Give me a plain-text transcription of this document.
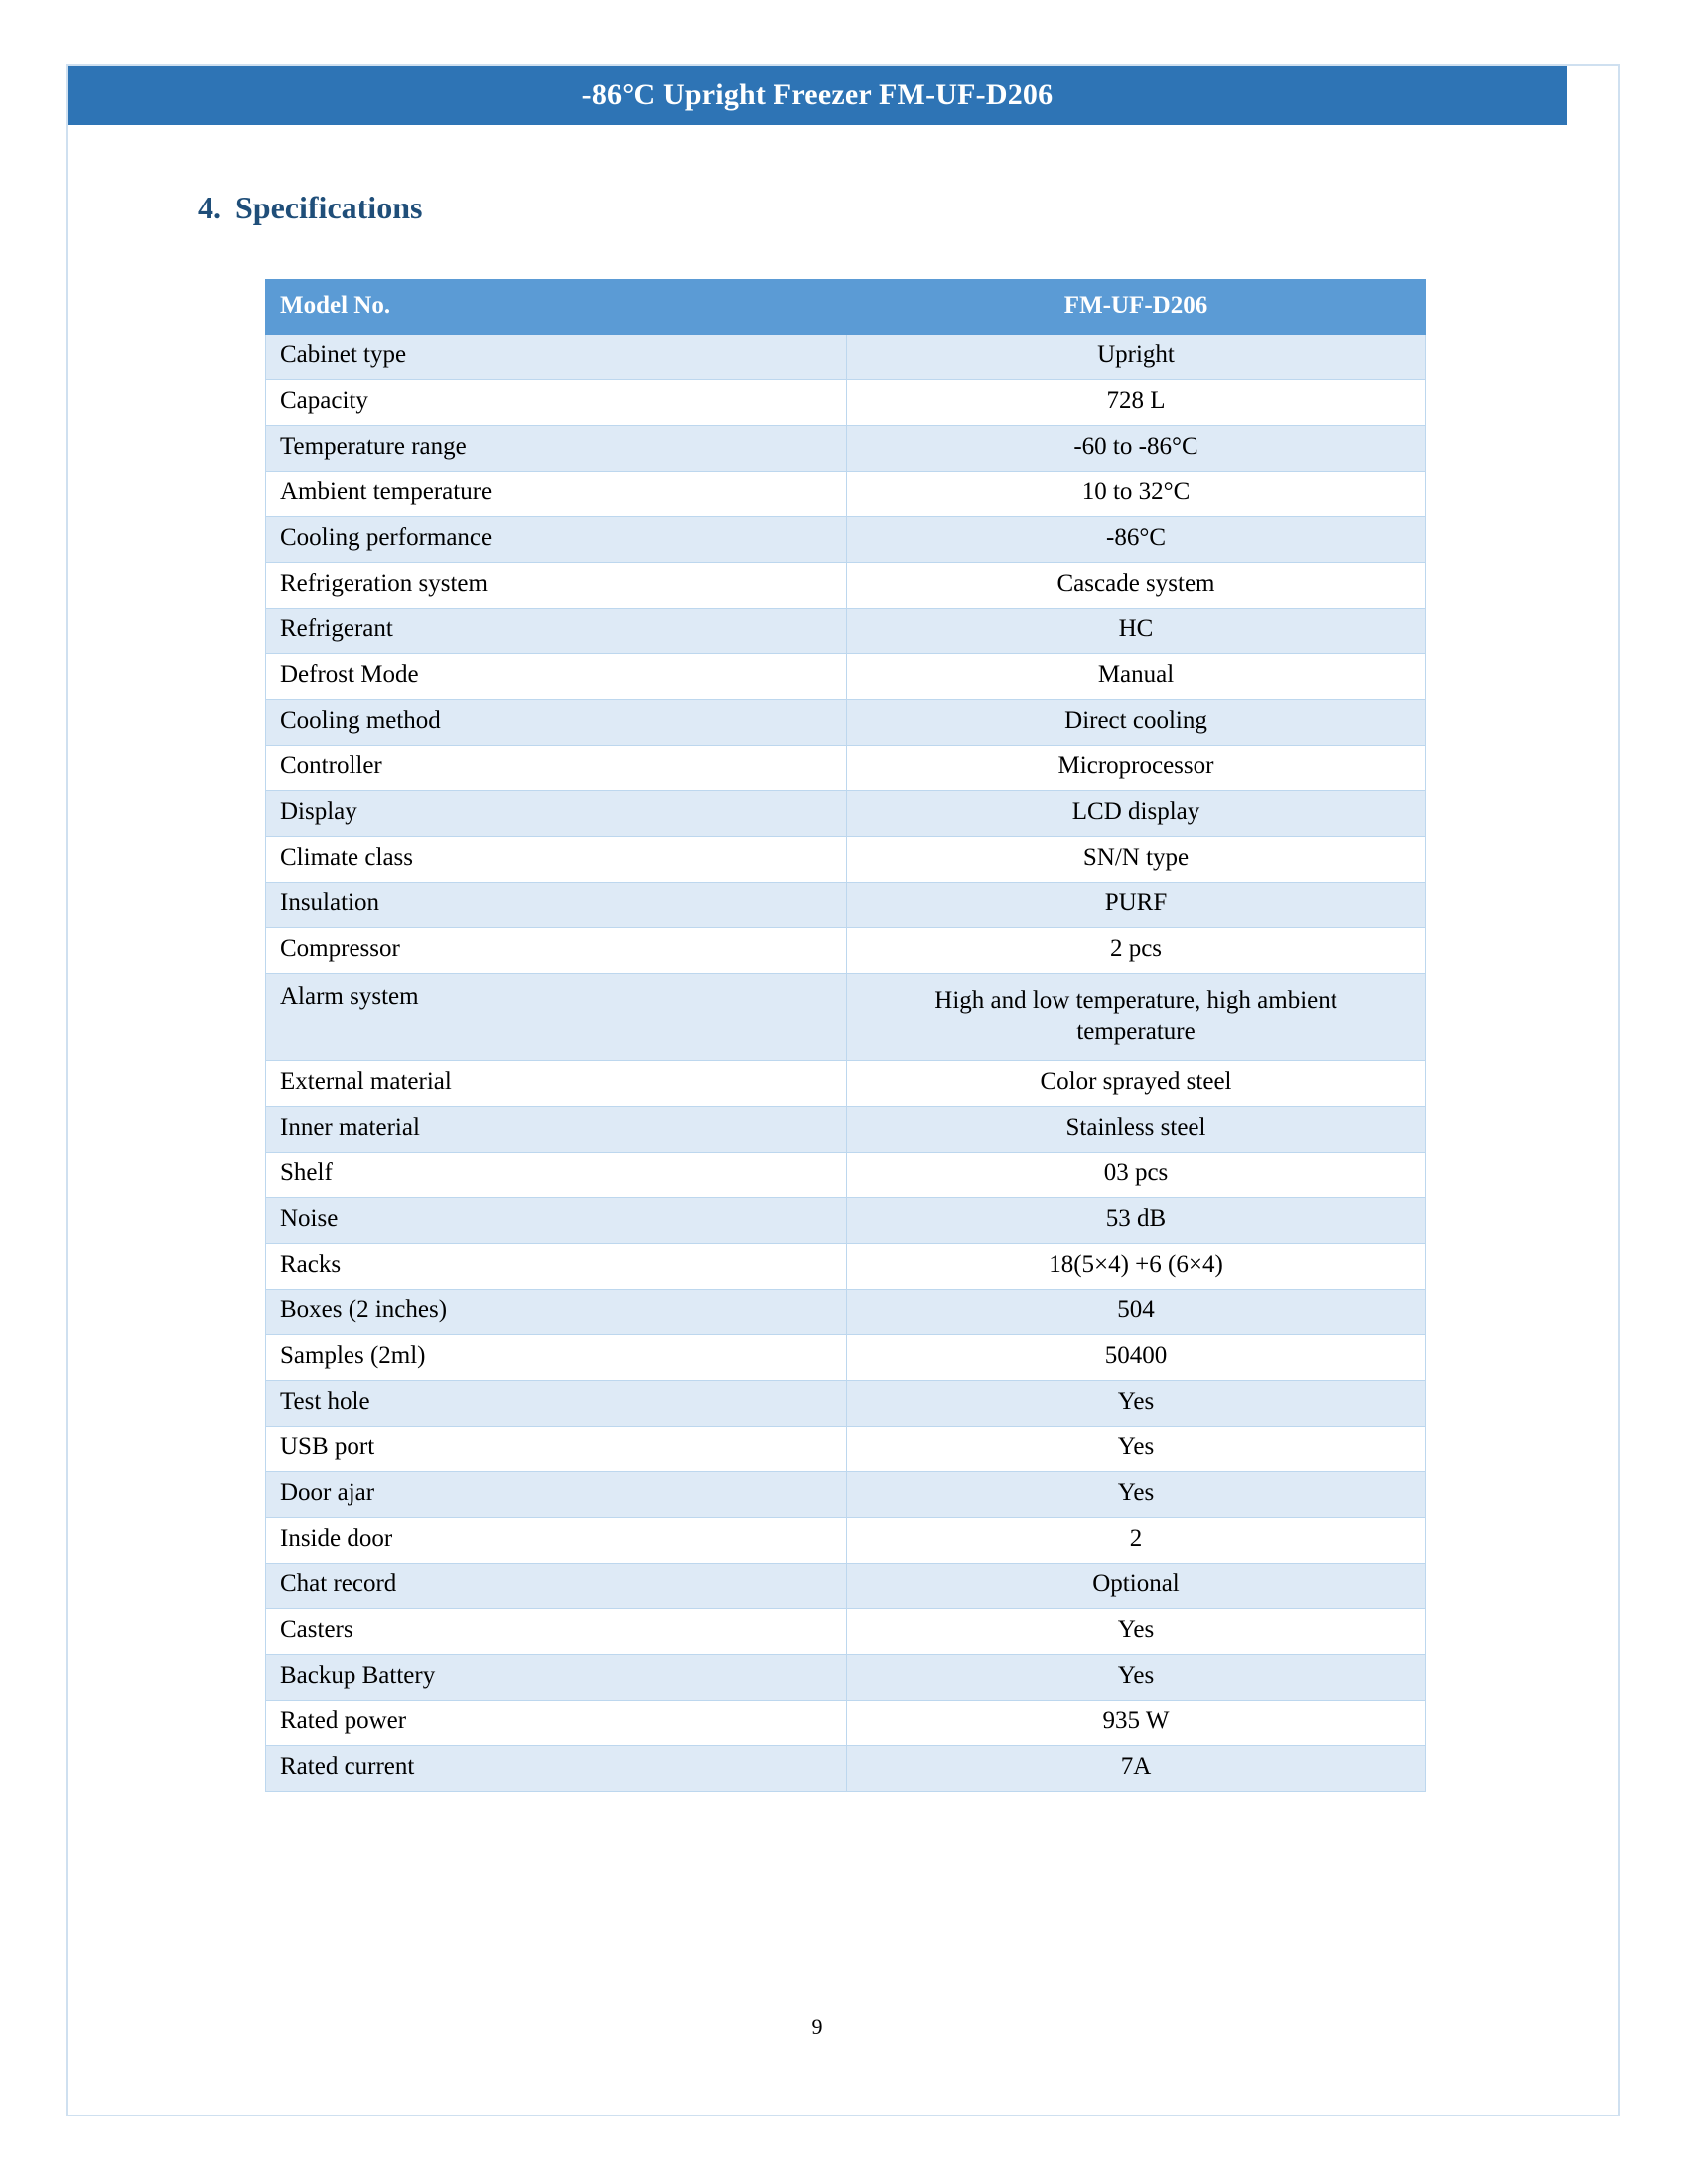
-86°C Upright Freezer FM-UF-D206
4. Specifications
Model No.	FM-UF-D206
Cabinet type	Upright
Capacity	728 L
Temperature range	-60 to -86°C
Ambient temperature	10 to 32°C
Cooling performance	-86°C
Refrigeration system	Cascade system
Refrigerant	HC
Defrost Mode	Manual
Cooling method	Direct cooling
Controller	Microprocessor
Display	LCD display
Climate class	SN/N type
Insulation	PURF
Compressor	2 pcs
Alarm system	High and low temperature, high ambient temperature
External material	Color sprayed steel
Inner material	Stainless steel
Shelf	03 pcs
Noise	53 dB
Racks	18(5×4) +6 (6×4)
Boxes (2 inches)	504
Samples (2ml)	50400
Test hole	Yes
USB port	Yes
Door ajar	Yes
Inside door	2
Chat record	Optional
Casters	Yes
Backup Battery	Yes
Rated power	935 W
Rated current	7A
9
